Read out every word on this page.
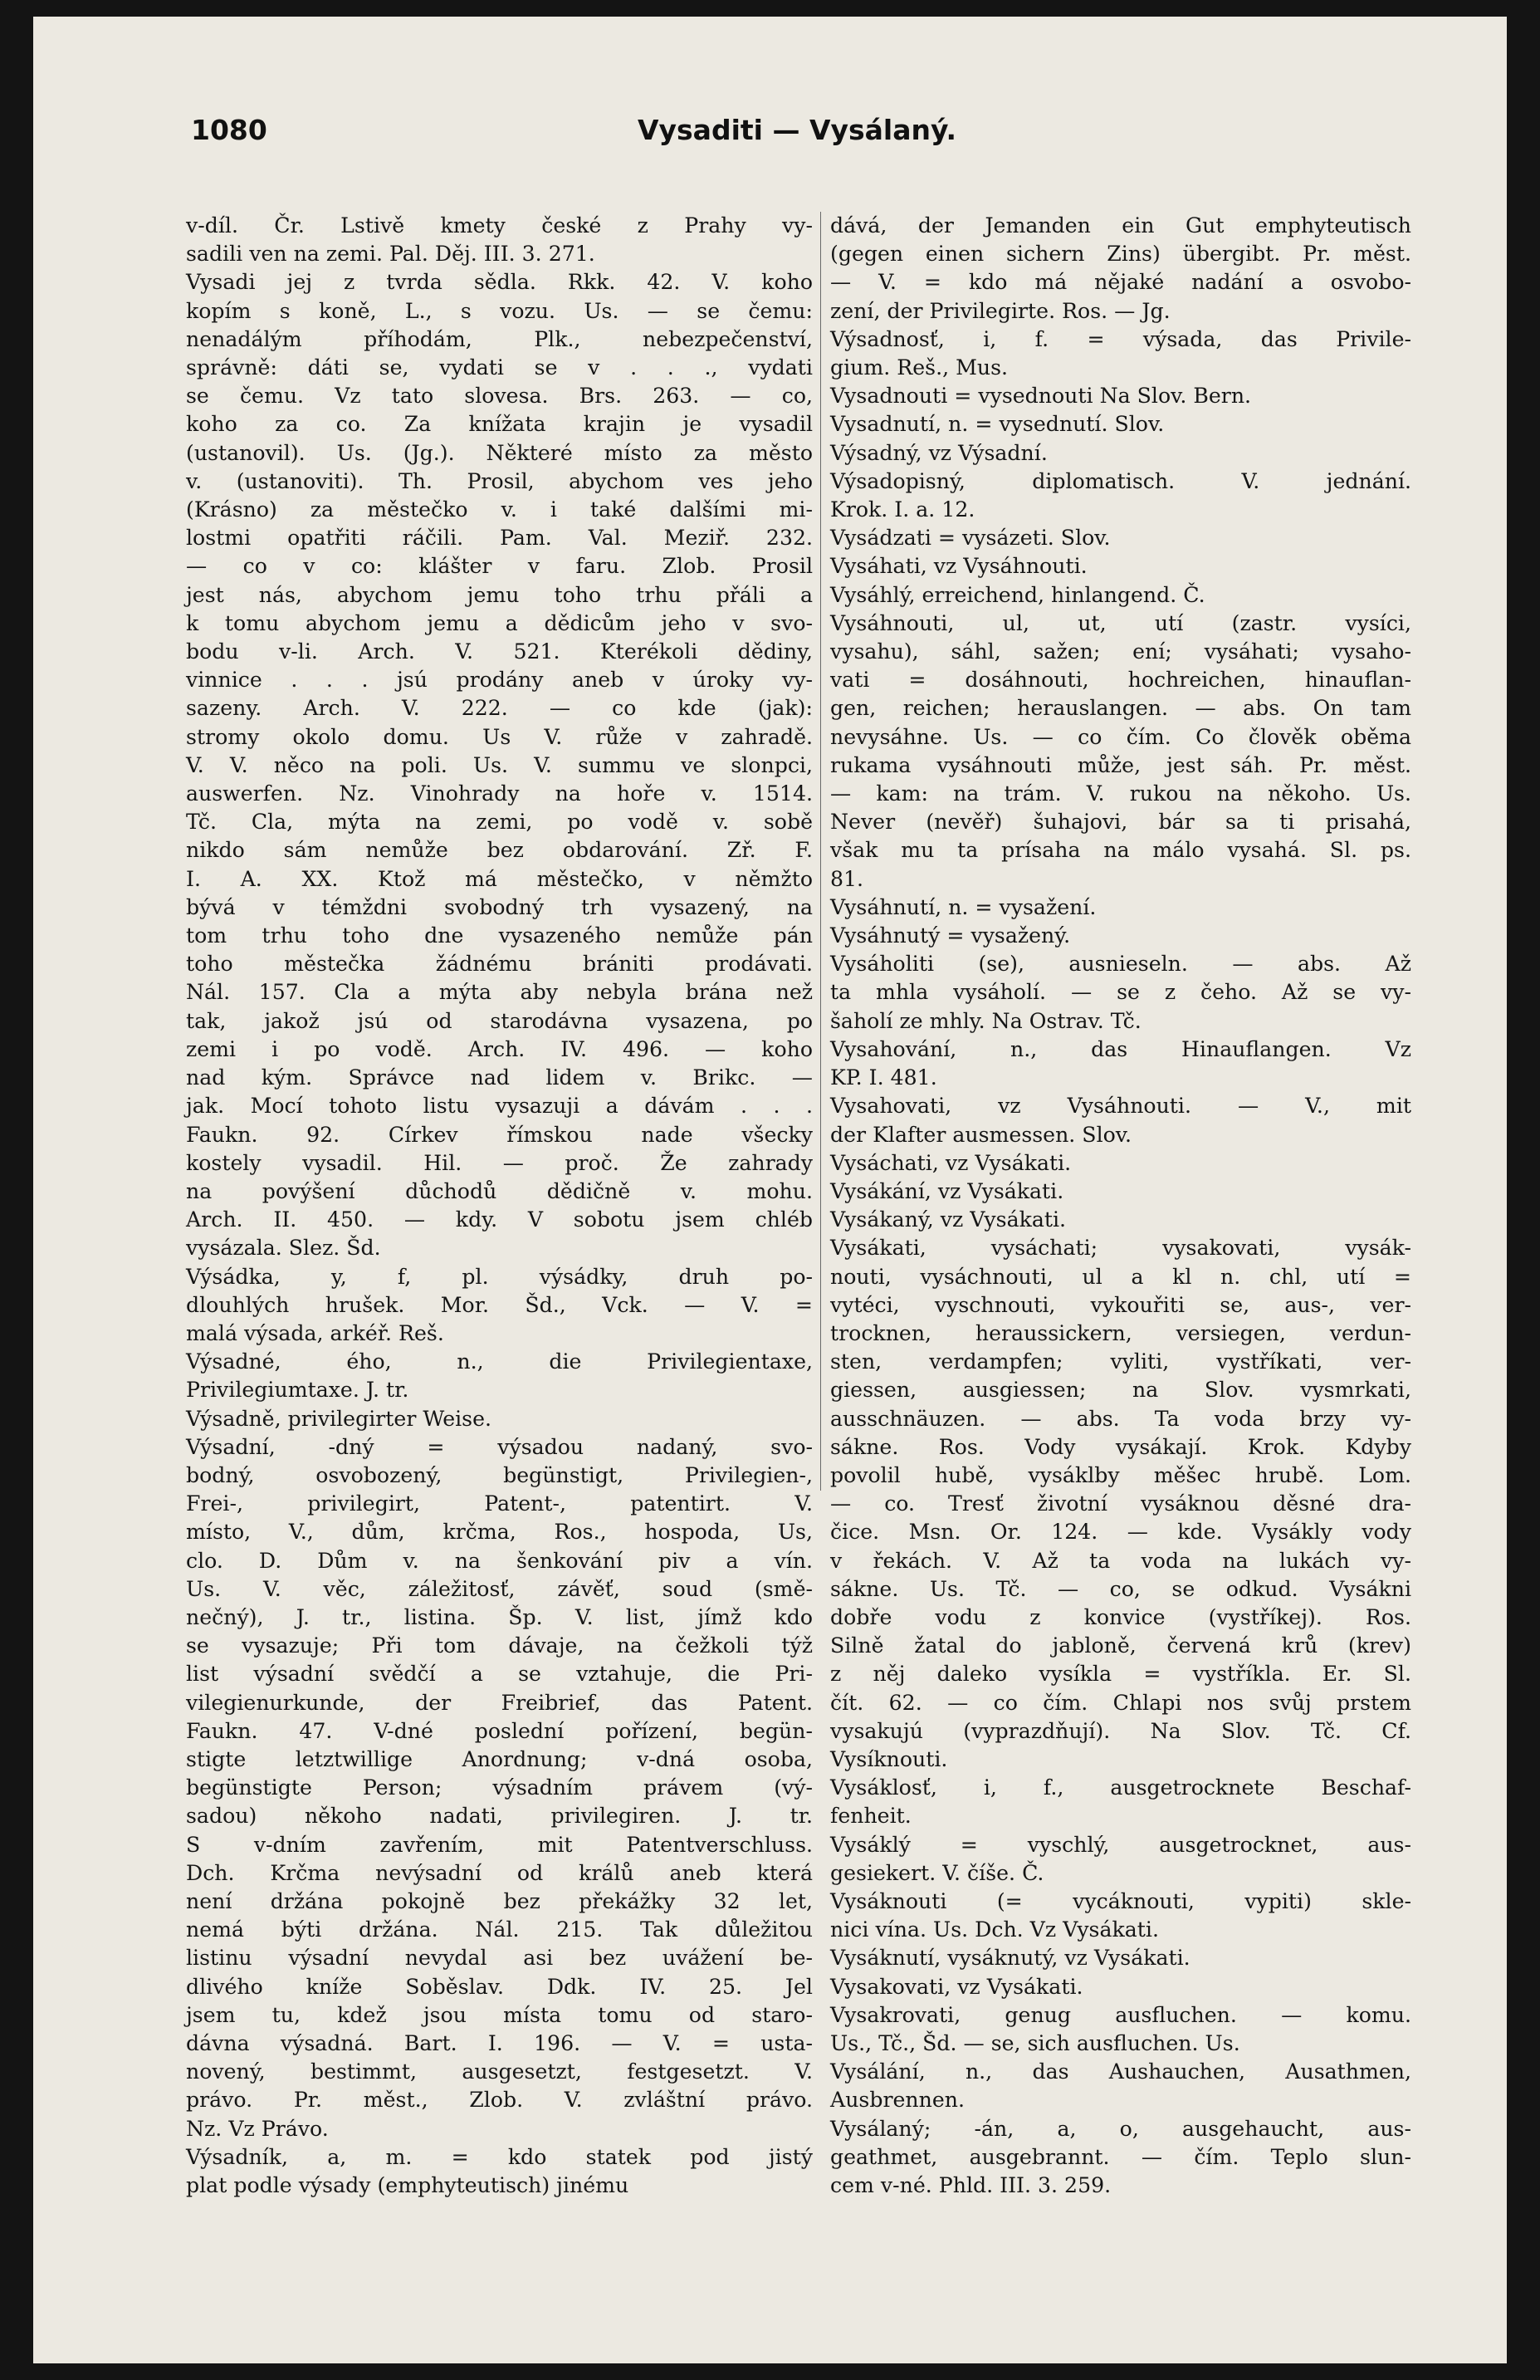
1080	Vysaditi — Vysálaný.
v-díl. Čr. Lstivě kmety české z Prahy vy-
sadili ven na zemi. Pal. Děj. III. 3. 271.
Vysadi jej z tvrda sědla. Rkk. 42. V. koho
kopím s koně, L., s vozu. Us. — se čemu:
nenadálým příhodám, Plk., nebezpečenství,
správně: dáti se, vydati se v . . ., vydati
se čemu. Vz tato slovesa. Brs. 263. — co,
koho za co. Za knížata krajin je vysadil
(ustanovil). Us. (Jg.). Některé místo za město
v. (ustanoviti). Th. Prosil, abychom ves jeho
(Krásno) za městečko v. i také dalšími mi-
lostmi opatřiti ráčili. Pam. Val. Meziř. 232.
— co v co: klášter v faru. Zlob. Prosil
jest nás, abychom jemu toho trhu přáli a
k tomu abychom jemu a dědicům jeho v svo-
bodu v-li. Arch. V. 521. Kterékoli dědiny,
vinnice . . . jsú prodány aneb v úroky vy-
sazeny. Arch. V. 222. — co kde (jak):
stromy okolo domu. Us V. růže v zahradě.
V. V. něco na poli. Us. V. summu ve slonpci,
auswerfen. Nz. Vinohrady na hoře v. 1514.
Tč. Cla, mýta na zemi, po vodě v. sobě
nikdo sám nemůže bez obdarování. Zř. F.
I. A. XX. Ktož má městečko, v němžto
bývá v témždni svobodný trh vysazený, na
tom trhu toho dne vysazeného nemůže pán
toho městečka žádnému brániti prodávati.
Nál. 157. Cla a mýta aby nebyla brána než
tak, jakož jsú od starodávna vysazena, po
zemi i po vodě. Arch. IV. 496. — koho
nad kým. Správce nad lidem v. Brikc. —
jak. Mocí tohoto listu vysazuji a dávám . . .
Faukn. 92. Církev římskou nade všecky
kostely vysadil. Hil. — proč. Že zahrady
na povýšení důchodů dědičně v. mohu.
Arch. II. 450. — kdy. V sobotu jsem chléb
vysázala. Slez. Šd.
Výsádka, y, f, pl. výsádky, druh po-
dlouhlých hrušek. Mor. Šd., Vck. — V. =
malá výsada, arkéř. Reš.
Výsadné, ého, n., die Privilegientaxe,
Privilegiumtaxe. J. tr.
Výsadně, privilegirter Weise.
Výsadní, -dný = výsadou nadaný, svo-
bodný, osvobozený, begünstigt, Privilegien-,
Frei-, privilegirt, Patent-, patentirt. V.
místo, V., dům, krčma, Ros., hospoda, Us,
clo. D. Dům v. na šenkování piv a vín.
Us. V. věc, záležitosť, závěť, soud (smě-
nečný), J. tr., listina. Šp. V. list, jímž kdo
se vysazuje; Při tom dávaje, na čežkoli týž
list výsadní svědčí a se vztahuje, die Pri-
vilegienurkunde, der Freibrief, das Patent.
Faukn. 47. V-dné poslední pořízení, begün-
stigte letztwillige Anordnung; v-dná osoba,
begünstigte Person; výsadním právem (vý-
sadou) někoho nadati, privilegiren. J. tr.
S v-dním zavřením, mit Patentverschluss.
Dch. Krčma nevýsadní od králů aneb která
není držána pokojně bez překážky 32 let,
nemá býti držána. Nál. 215. Tak důležitou
listinu výsadní nevydal asi bez uvážení be-
dlivého kníže Soběslav. Ddk. IV. 25. Jel
jsem tu, kdež jsou místa tomu od staro-
dávna výsadná. Bart. I. 196. — V. = usta-
novený, bestimmt, ausgesetzt, festgesetzt. V.
právo. Pr. měst., Zlob. V. zvláštní právo.
Nz. Vz Právo.
Výsadník, a, m. = kdo statek pod jistý
plat podle výsady (emphyteutisch) jinému
dává, der Jemanden ein Gut emphyteutisch
(gegen einen sichern Zins) übergibt. Pr. měst.
— V. = kdo má nějaké nadání a osvobo-
zení, der Privilegirte. Ros. — Jg.
Výsadnosť, i, f. = výsada, das Privile-
gium. Reš., Mus.
Vysadnouti = vysednouti Na Slov. Bern.
Vysadnutí, n. = vysednutí. Slov.
Výsadný, vz Výsadní.
Výsadopisný, diplomatisch. V. jednání.
Krok. I. a. 12.
Vysádzati = vysázeti. Slov.
Vysáhati, vz Vysáhnouti.
Vysáhlý, erreichend, hinlangend. Č.
Vysáhnouti, ul, ut, utí (zastr. vysíci,
vysahu), sáhl, sažen; ení; vysáhati; vysaho-
vati = dosáhnouti, hochreichen, hinauflan-
gen, reichen; herauslangen. — abs. On tam
nevysáhne. Us. — co čím. Co člověk oběma
rukama vysáhnouti může, jest sáh. Pr. měst.
— kam: na trám. V. rukou na někoho. Us.
Never (nevěř) šuhajovi, bár sa ti prisahá,
však mu ta prísaha na málo vysahá. Sl. ps.
81.
Vysáhnutí, n. = vysažení.
Vysáhnutý = vysažený.
Vysáholiti (se), ausnieseln. — abs. Až
ta mhla vysáholí. — se z čeho. Až se vy-
šaholí ze mhly. Na Ostrav. Tč.
Vysahování, n., das Hinauflangen. Vz
KP. I. 481.
Vysahovati, vz Vysáhnouti. — V., mit
der Klafter ausmessen. Slov.
Vysáchati, vz Vysákati.
Vysákání, vz Vysákati.
Vysákaný, vz Vysákati.
Vysákati, vysáchati; vysakovati, vysák-
nouti, vysáchnouti, ul a kl n. chl, utí =
vytéci, vyschnouti, vykouřiti se, aus-, ver-
trocknen, heraussickern, versiegen, verdun-
sten, verdampfen; vyliti, vystříkati, ver-
giessen, ausgiessen; na Slov. vysmrkati,
ausschnäuzen. — abs. Ta voda brzy vy-
sákne. Ros. Vody vysákají. Krok. Kdyby
povolil hubě, vysáklby měšec hrubě. Lom.
— co. Tresť životní vysáknou děsné dra-
čice. Msn. Or. 124. — kde. Vysákly vody
v řekách. V. Až ta voda na lukách vy-
sákne. Us. Tč. — co, se odkud. Vysákni
dobře vodu z konvice (vystříkej). Ros.
Silně žatal do jabloně, červená krů (krev)
z něj daleko vysíkla = vystříkla. Er. Sl.
čít. 62. — co čím. Chlapi nos svůj prstem
vysakujú (vyprazdňují). Na Slov. Tč. Cf.
Vysíknouti.
Vysáklosť, i, f., ausgetrocknete Beschaf-
fenheit.
Vysáklý = vyschlý, ausgetrocknet, aus-
gesiekert. V. číše. Č.
Vysáknouti (= vycáknouti, vypiti) skle-
nici vína. Us. Dch. Vz Vysákati.
Vysáknutí, vysáknutý, vz Vysákati.
Vysakovati, vz Vysákati.
Vysakrovati, genug ausfluchen. — komu.
Us., Tč., Šd. — se, sich ausfluchen. Us.
Vysálání, n., das Aushauchen, Ausathmen,
Ausbrennen.
Vysálaný; -án, a, o, ausgehaucht, aus-
geathmet, ausgebrannt. — čím. Teplo slun-
cem v-né. Phld. III. 3. 259.
